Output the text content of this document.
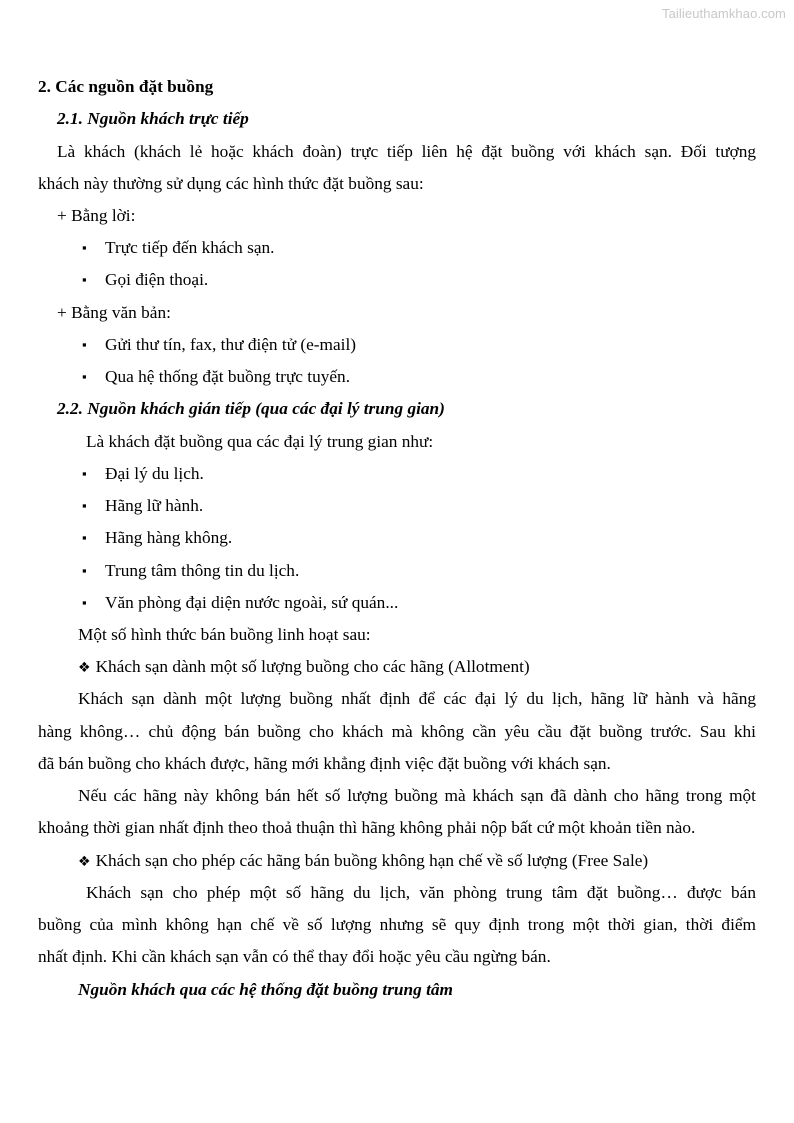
Tailieuthamkhao.com
2. Các nguồn đặt buồng
2.1. Nguồn khách trực tiếp
Là khách (khách lẻ hoặc khách đoàn) trực tiếp liên hệ đặt buồng với khách sạn. Đối tượng
khách này thường sử dụng các hình thức đặt buồng sau:
+ Bằng lời:
▪ Trực tiếp đến khách sạn.
▪ Gọi điện thoại.
+ Bằng văn bản:
▪ Gửi thư tín, fax, thư điện tử (e-mail)
▪ Qua hệ thống đặt buồng trực tuyến.
2.2. Nguồn khách gián tiếp (qua các đại lý trung gian)
Là khách đặt buồng qua các đại lý trung gian như:
▪ Đại lý du lịch.
▪ Hãng lữ hành.
▪ Hãng hàng không.
▪ Trung tâm thông tin du lịch.
▪ Văn phòng đại diện nước ngoài, sứ quán...
Một số hình thức bán buồng linh hoạt sau:
❖ Khách sạn dành một số lượng buồng cho các hãng (Allotment)
Khách sạn dành một lượng buồng nhất định để các đại lý du lịch, hãng lữ hành và hãng
hàng không… chủ động bán buồng cho khách mà không cần yêu cầu đặt buồng trước. Sau khi
đã bán buồng cho khách được, hãng mới khẳng định việc đặt buồng với khách sạn.
Nếu các hãng này không bán hết số lượng buồng mà khách sạn đã dành cho hãng trong một
khoảng thời gian nhất định theo thoả thuận thì hãng không phải nộp bất cứ một khoản tiền nào.
❖ Khách sạn cho phép các hãng bán buồng không hạn chế về số lượng (Free Sale)
Khách sạn cho phép một số hãng du lịch, văn phòng trung tâm đặt buồng… được bán
buồng của mình không hạn chế về số lượng nhưng sẽ quy định trong một thời gian, thời điểm
nhất định. Khi cần khách sạn vẫn có thể thay đổi hoặc yêu cầu ngừng bán.
Nguồn khách qua các hệ thống đặt buồng trung tâm
